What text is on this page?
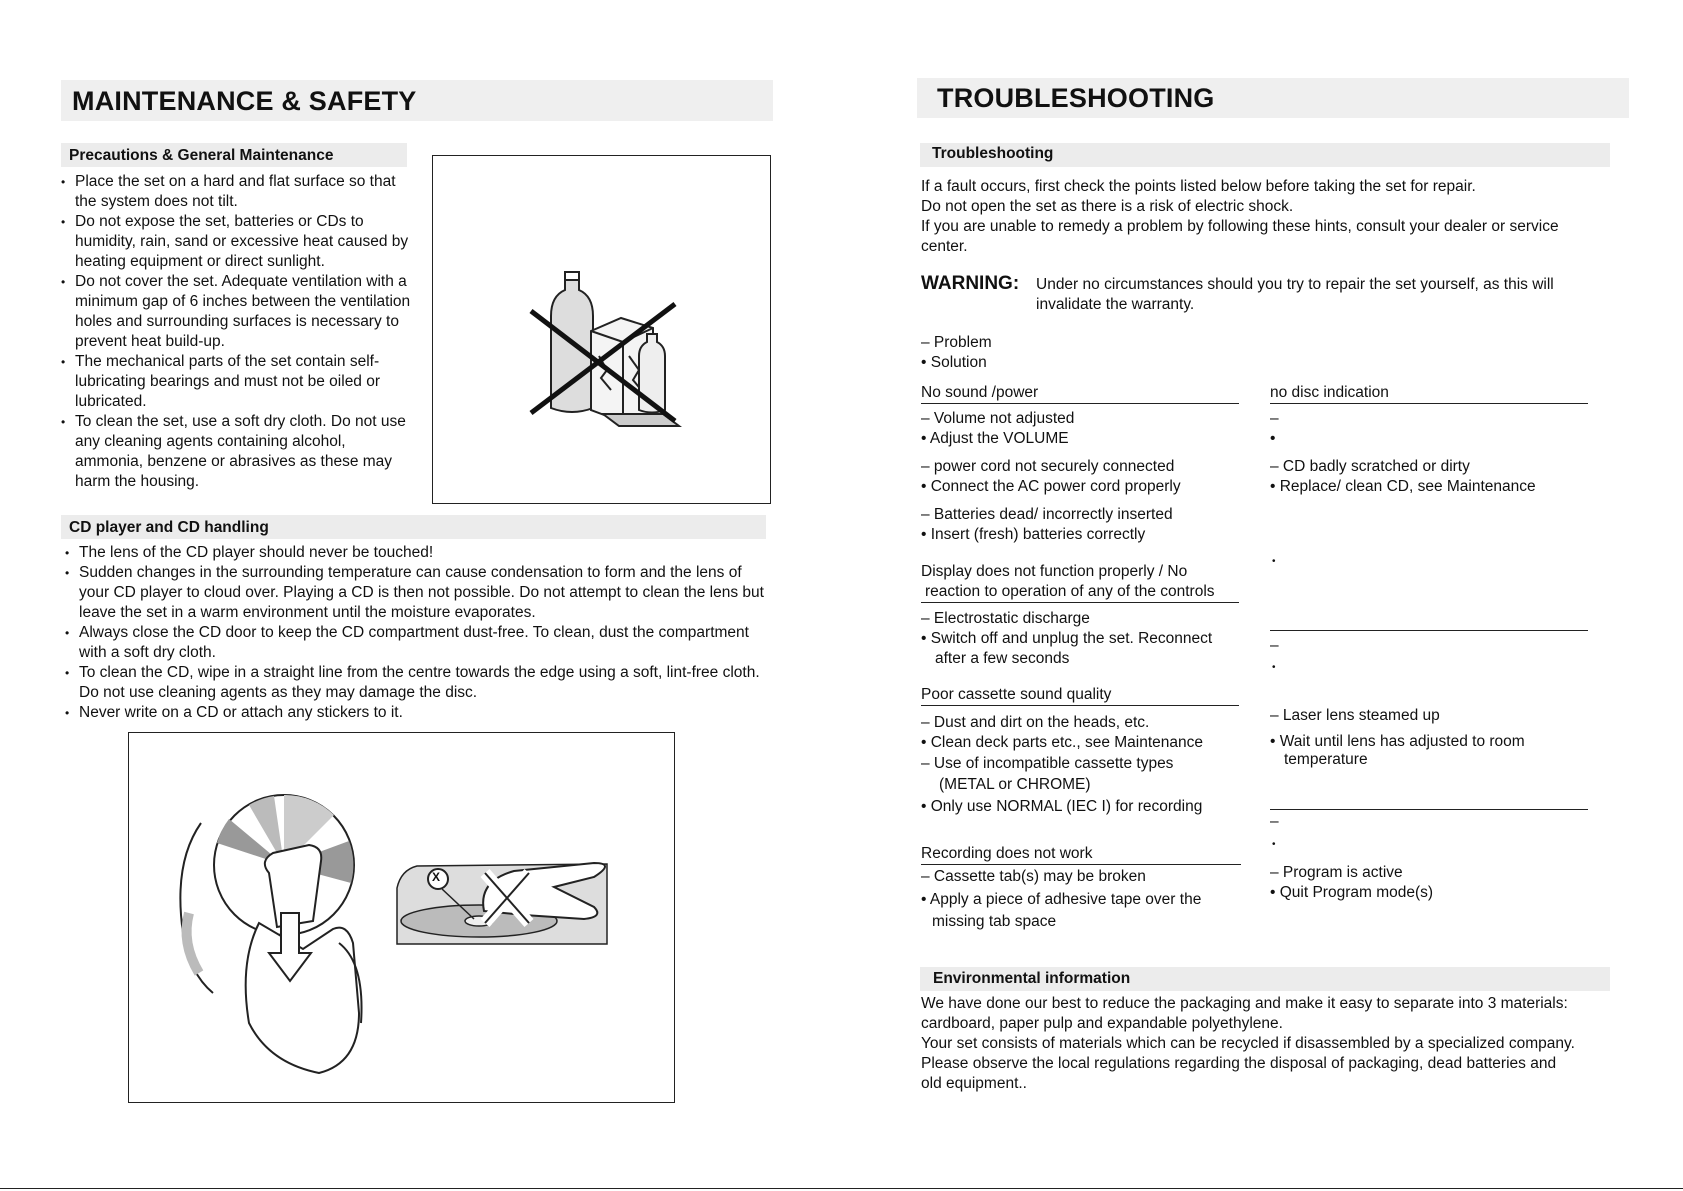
MAINTENANCE & SAFETY
Precautions & General Maintenance
• Place the set on a hard and flat surface so that the system does not tilt.
• Do not expose the set, batteries or CDs to humidity, rain, sand or excessive heat caused by heating equipment or direct sunlight.
• Do not cover the set. Adequate ventilation with a minimum gap of 6 inches between the ventilation holes and surrounding surfaces is necessary to prevent heat build-up.
• The mechanical parts of the set contain self-lubricating bearings and must not be oiled or lubricated.
• To clean the set, use a soft dry cloth. Do not use any cleaning agents containing alcohol, ammonia, benzene or abrasives as these may harm the housing.
CD player and CD handling
• The lens of the CD player should never be touched!
• Sudden changes in the surrounding temperature can cause condensation to form and the lens of your CD player to cloud over. Playing a CD is then not possible. Do not attempt to clean the lens but leave the set in a warm environment until the moisture evaporates.
• Always close the CD door to keep the CD compartment dust-free. To clean, dust the compartment with a soft dry cloth.
• To clean the CD, wipe in a straight line from the centre towards the edge using a soft, lint-free cloth. Do not use cleaning agents as they may damage the disc.
• Never write on a CD or attach any stickers to it.
X
TROUBLESHOOTING
Troubleshooting
If a fault occurs, first check the points listed below before taking the set for repair.
Do not open the set as there is a risk of electric shock.
If you are unable to remedy a problem by following these hints, consult your dealer or service center.
WARNING: Under no circumstances should you try to repair the set yourself, as this will invalidate the warranty.
– Problem
• Solution
No sound /power
– Volume not adjusted
• Adjust the VOLUME
– power cord not securely connected
• Connect the AC power cord properly
– Batteries dead/ incorrectly inserted
• Insert (fresh) batteries correctly
Display does not function properly / No
reaction to operation of any of the controls
– Electrostatic discharge
• Switch off and unplug the set. Reconnect
after a few seconds
Poor cassette sound quality
– Dust and dirt on the heads, etc.
• Clean deck parts etc., see Maintenance
– Use of incompatible cassette types
(METAL or CHROME)
• Only use NORMAL (IEC I) for recording
Recording does not work
– Cassette tab(s) may be broken
• Apply a piece of adhesive tape over the
missing tab space
no disc indication
–
•
– CD badly scratched or dirty
• Replace/ clean CD, see Maintenance
•
–
•
– Laser lens steamed up
• Wait until lens has adjusted to room
temperature
–
•
– Program is active
• Quit Program mode(s)
Environmental information
We have done our best to reduce the packaging and make it easy to separate into 3 materials:
cardboard, paper pulp and expandable polyethylene.
Your set consists of materials which can be recycled if disassembled by a specialized company.
Please observe the local regulations regarding the disposal of packaging, dead batteries and
old equipment..
